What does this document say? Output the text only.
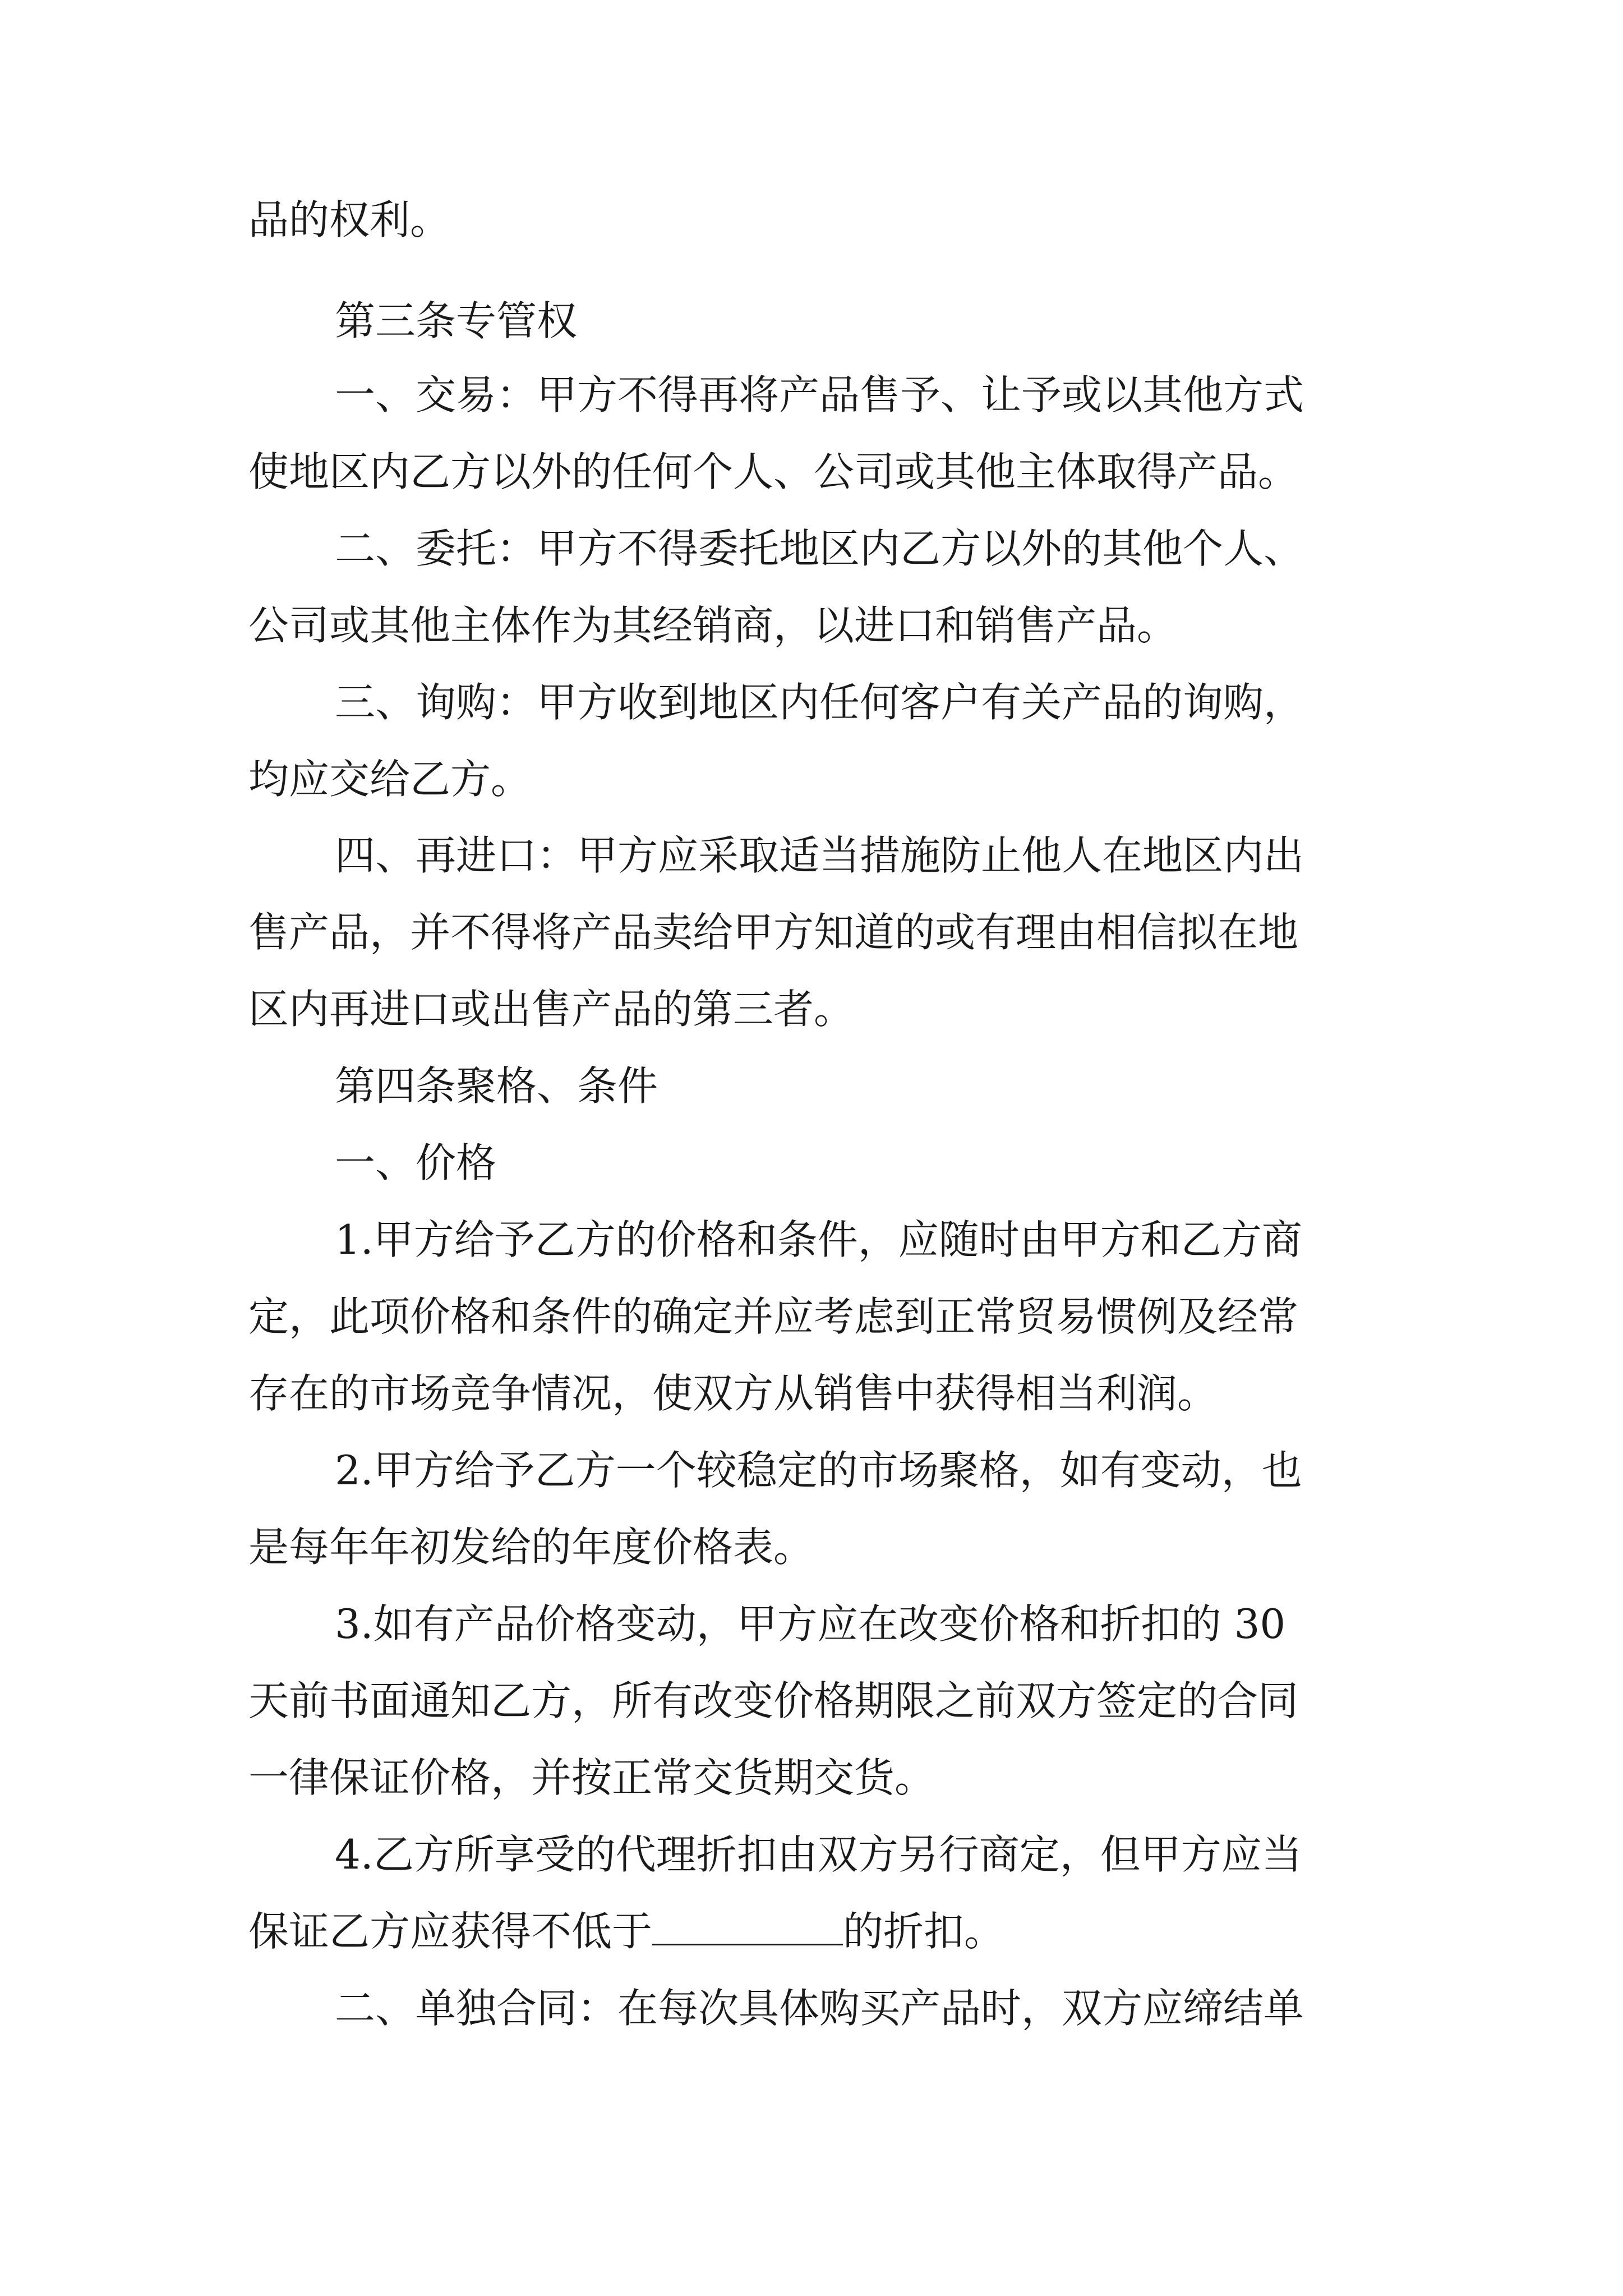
品的权利。
第三条专管权
一、交易：甲方不得再将产品售予、让予或以其他方式
使地区内乙方以外的任何个人、公司或其他主体取得产品。
二、委托：甲方不得委托地区内乙方以外的其他个人、
公司或其他主体作为其经销商，以进口和销售产品。
三、询购：甲方收到地区内任何客户有关产品的询购，
均应交给乙方。
四、再进口：甲方应采取适当措施防止他人在地区内出
售产品，并不得将产品卖给甲方知道的或有理由相信拟在地
区内再进口或出售产品的第三者。
第四条聚格、条件
一、价格
1.甲方给予乙方的价格和条件，应随时由甲方和乙方商
定，此项价格和条件的确定并应考虑到正常贸易惯例及经常
存在的市场竞争情况，使双方从销售中获得相当利润。
2.甲方给予乙方一个较稳定的市场聚格，如有变动，也
是每年年初发给的年度价格表。
3.如有产品价格变动，甲方应在改变价格和折扣的 30
天前书面通知乙方，所有改变价格期限之前双方签定的合同
一律保证价格，并按正常交货期交货。
4.乙方所享受的代理折扣由双方另行商定，但甲方应当
保证乙方应获得不低于	的折扣。
二、单独合同：在每次具体购买产品时，双方应缔结单
